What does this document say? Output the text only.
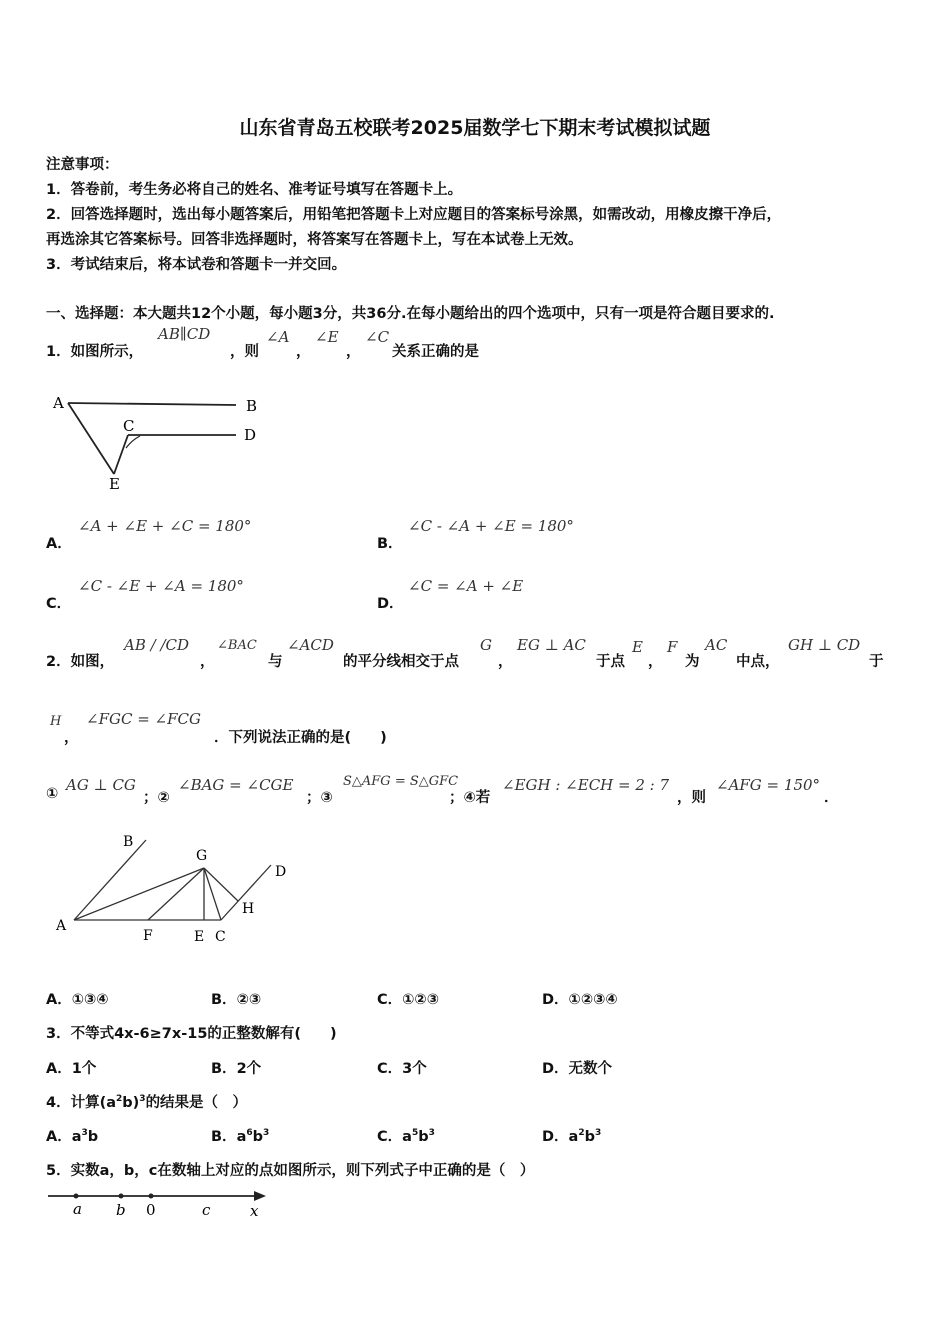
山东省青岛五校联考2025届数学七下期末考试模拟试题
注意事项：
1．答卷前，考生务必将自己的姓名、准考证号填写在答题卡上。
2．回答选择题时，选出每小题答案后，用铅笔把答题卡上对应题目的答案标号涂黑，如需改动，用橡皮擦干净后，
再选涂其它答案标号。回答非选择题时，将答案写在答题卡上，写在本试卷上无效。
3．考试结束后，将本试卷和答题卡一并交回。
一、选择题：本大题共12个小题，每小题3分，共36分.在每小题给出的四个选项中，只有一项是符合题目要求的.
1．如图所示，
AB∥CD
，则
∠A
，
∠E
，
∠C
关系正确的是
A	B
C	D
E
A．
∠A + ∠E + ∠C = 180°
B．
∠C - ∠A + ∠E = 180°
C．
∠C - ∠E + ∠A = 180°
D．
∠C = ∠A + ∠E
2．如图，
AB / /CD
，
∠BAC
与
∠ACD
的平分线相交于点
G
，
EG ⊥ AC
于点
E
，
F
为
AC
中点，
GH ⊥ CD
于
H
，
∠FGC = ∠FCG
．下列说法正确的是(　　)
① AG ⊥ CG
；②
∠BAG = ∠CGE
；③
S△AFG = S△GFC
；④若
∠EGH : ∠ECH = 2 : 7
，则
∠AFG = 150°
．
A
B
G
D
H
F	E C
A．①③④	B．②③	C．①②③	D．①②③④
3．不等式4x-6≥7x-15的正整数解有(　　)
A．1个	B．2个	C．3个	D．无数个
4．计算$(a^2b)^3$的结果是（　）
A．$a^3b$	B．$a^6b^3$	C．$a^5b^3$	D．$a^2b^3$
5．实数a，b，c在数轴上对应的点如图所示，则下列式子中正确的是（　）
a b 0	c	x
